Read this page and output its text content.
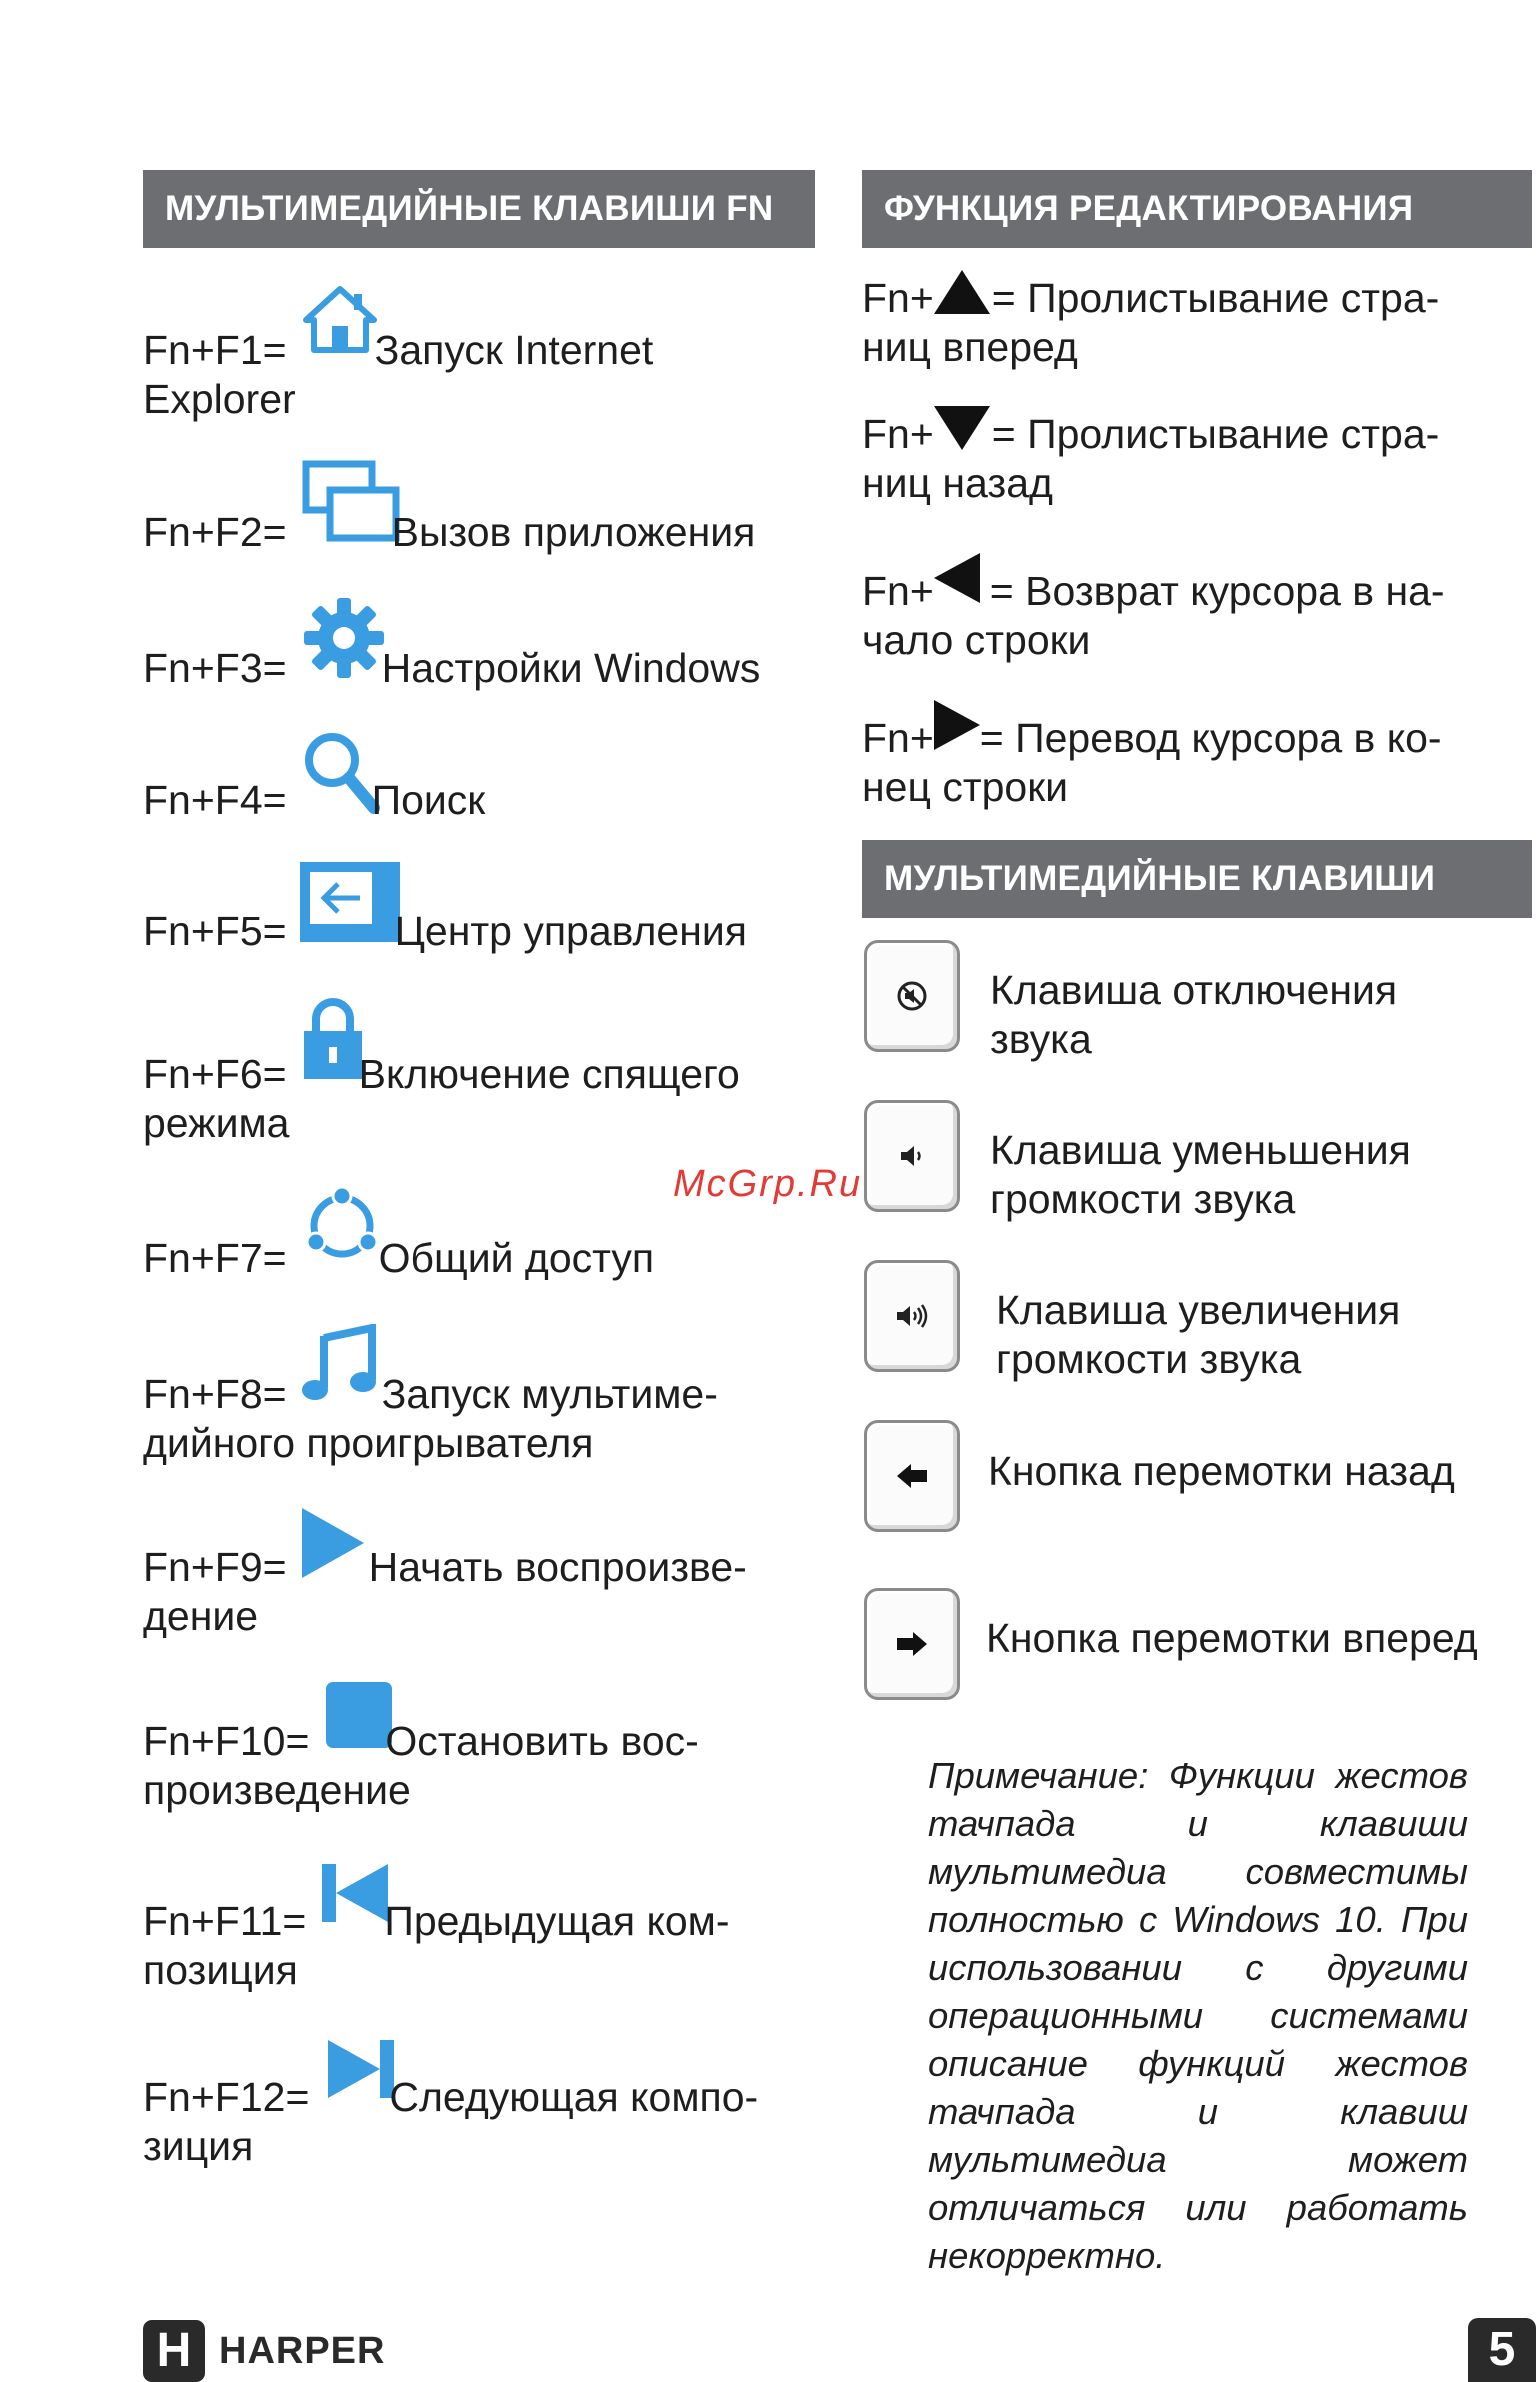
МУЛЬТИМЕДИЙНЫЕ КЛАВИШИ FN	ФУНКЦИЯ РЕДАКТИРОВАНИЯ
МУЛЬТИМЕДИЙНЫЕ КЛАВИШИ
Fn+F1= Запуск Internet
Explorer
Fn+F2=	Вызов приложения
Fn+F3= Настройки Windows
Fn+F4= Поиск
Fn+F5=	Центр управления
Fn+F6= Включение спящего
режима
Fn+F7= Общий доступ
Fn+F8= Запуск мультиме-
дийного проигрывателя
Fn+F9= Начать воспроизве-
дение
Fn+F10= Остановить вос-
произведение
Fn+F11= Предыдущая ком-
позиция
Fn+F12= Следующая компо-
зиция
McGrp.Ru
Fn+ = Пролистывание стра-
ниц вперед
Fn+ = Пролистывание стра-
ниц назад
Fn+ = Возврат курсора в на-
чало строки
Fn+ = Перевод курсора в ко-
нец строки
Клавиша отключения
звука
Клавиша уменьшения
громкости звука
Клавиша увеличения
громкости звука
Кнопка перемотки назад
Кнопка перемотки вперед
Примечание: Функции жестов тачпада и клавиши мультимедиа совместимы полностью с Windows 10. При использовании с другими операционными системами описание функций жестов тачпада и клавиш мультимедиа может отличаться или работать некорректно.
H HARPER	5
